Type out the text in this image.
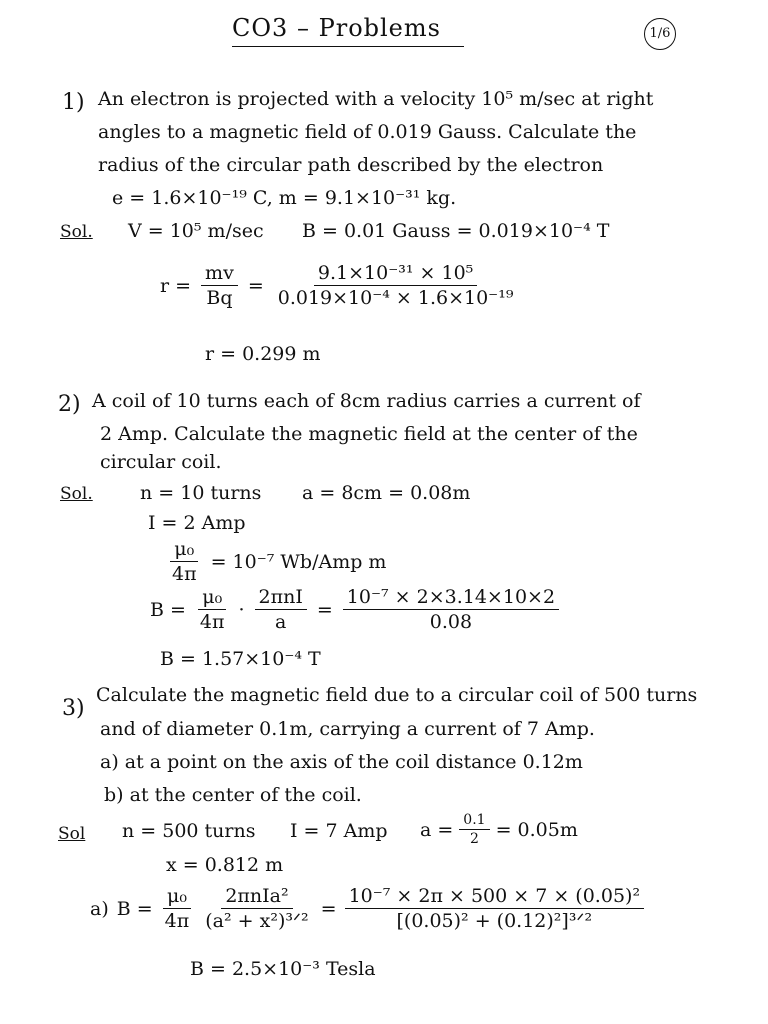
CO3 – Problems	1/6
1) An electron is projected with a velocity 10⁵ m/sec at right
angles to a magnetic field of 0.019 Gauss. Calculate the
radius of the circular path described by the electron
e = 1.6×10⁻¹⁹ C, m = 9.1×10⁻³¹ kg.
Sol. V = 10⁵ m/sec B = 0.01 Gauss = 0.019×10⁻⁴ T
$r = \frac{mv}{Bq} = \frac{\text{9.1×10⁻³¹ × 10⁵}}{\text{0.019×10⁻⁴ × 1.6×10⁻¹⁹}}$
r = 0.299 m
2) A coil of 10 turns each of 8cm radius carries a current of
2 Amp. Calculate the magnetic field at the center of the
circular coil.
Sol. n = 10 turns a = 8cm = 0.08m
I = 2 Amp
$\frac{\text{μ₀}}{4\pi} = 10^{-7}$ Wb/Amp m
$B = \frac{\text{μ₀}}{4\pi} \cdot \frac{\text{2πnI}}{a} = \frac{\text{10⁻⁷ × 2×3.14×10×2}}{0.08}$
B = 1.57×10⁻⁴ T
3)
Calculate the magnetic field due to a circular coil of 500 turns
and of diameter 0.1m, carrying a current of 7 Amp.
a) at a point on the axis of the coil distance 0.12m
b) at the center of the coil.
Sol n = 500 turns I = 7 Amp $a = \frac{0.1}{2} = 0.05m$
x = 0.812 m
a) $B = \frac{\text{μ₀}}{4\pi} \frac{\text{2πnIa²}}{\text{(a² + x²)³ᐟ²}} = \frac{\text{10⁻⁷ × 2π × 500 × 7 × (0.05)²}}{\text{[(0.05)² + (0.12)²]³ᐟ²}}$
B = 2.5×10⁻³ Tesla
